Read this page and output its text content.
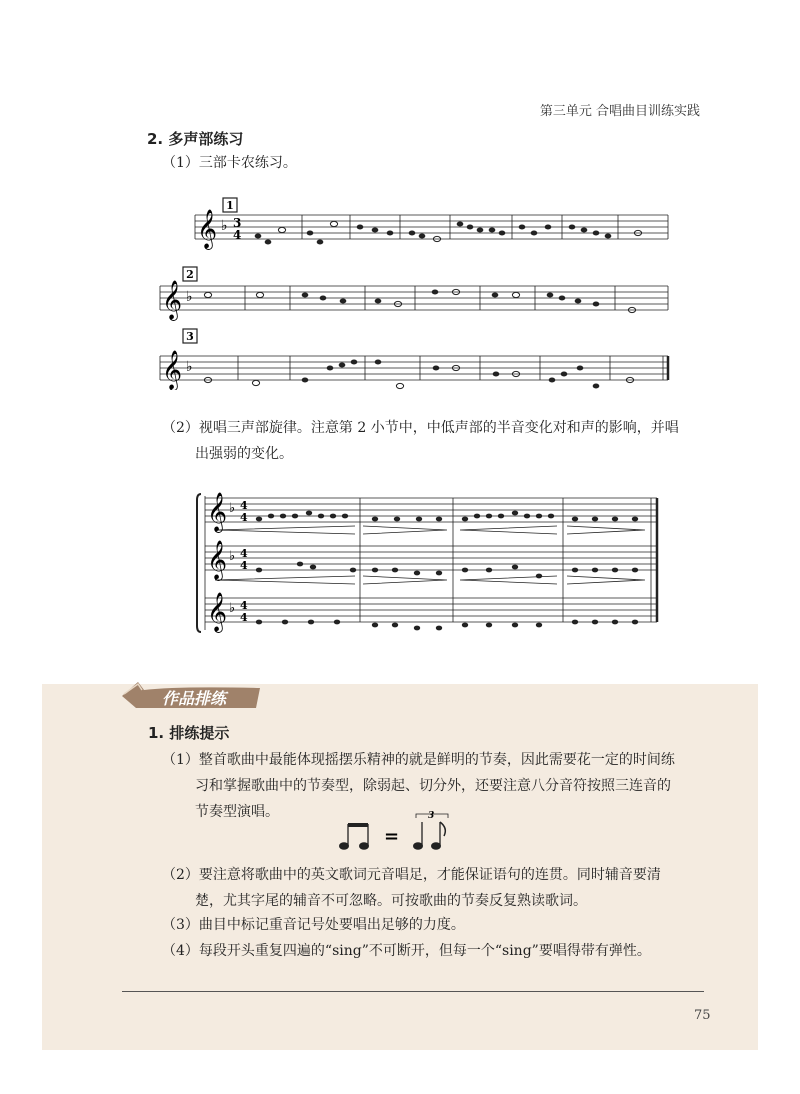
第三单元 合唱曲目训练实践
2. 多声部练习
（1）三部卡农练习。
1
2
3
𝄞 ♭ 3
4
𝄞 ♭
𝄞 ♭
（2）视唱三声部旋律。注意第 2 小节中，中低声部的半音变化对和声的影响，并唱
出强弱的变化。
𝄞
𝄞
𝄞
♭
♭
♭
4
4
4
4
4
4
作品排练
1. 排练提示
（1）整首歌曲中最能体现摇摆乐精神的就是鲜明的节奏，因此需要花一定的时间练
习和掌握歌曲中的节奏型，除弱起、切分外，还要注意八分音符按照三连音的
节奏型演唱。
=
3
（2）要注意将歌曲中的英文歌词元音唱足，才能保证语句的连贯。同时辅音要清
楚，尤其字尾的辅音不可忽略。可按歌曲的节奏反复熟读歌词。
（3）曲目中标记重音记号处要唱出足够的力度。
（4）每段开头重复四遍的“sing”不可断开，但每一个“sing”要唱得带有弹性。
75
